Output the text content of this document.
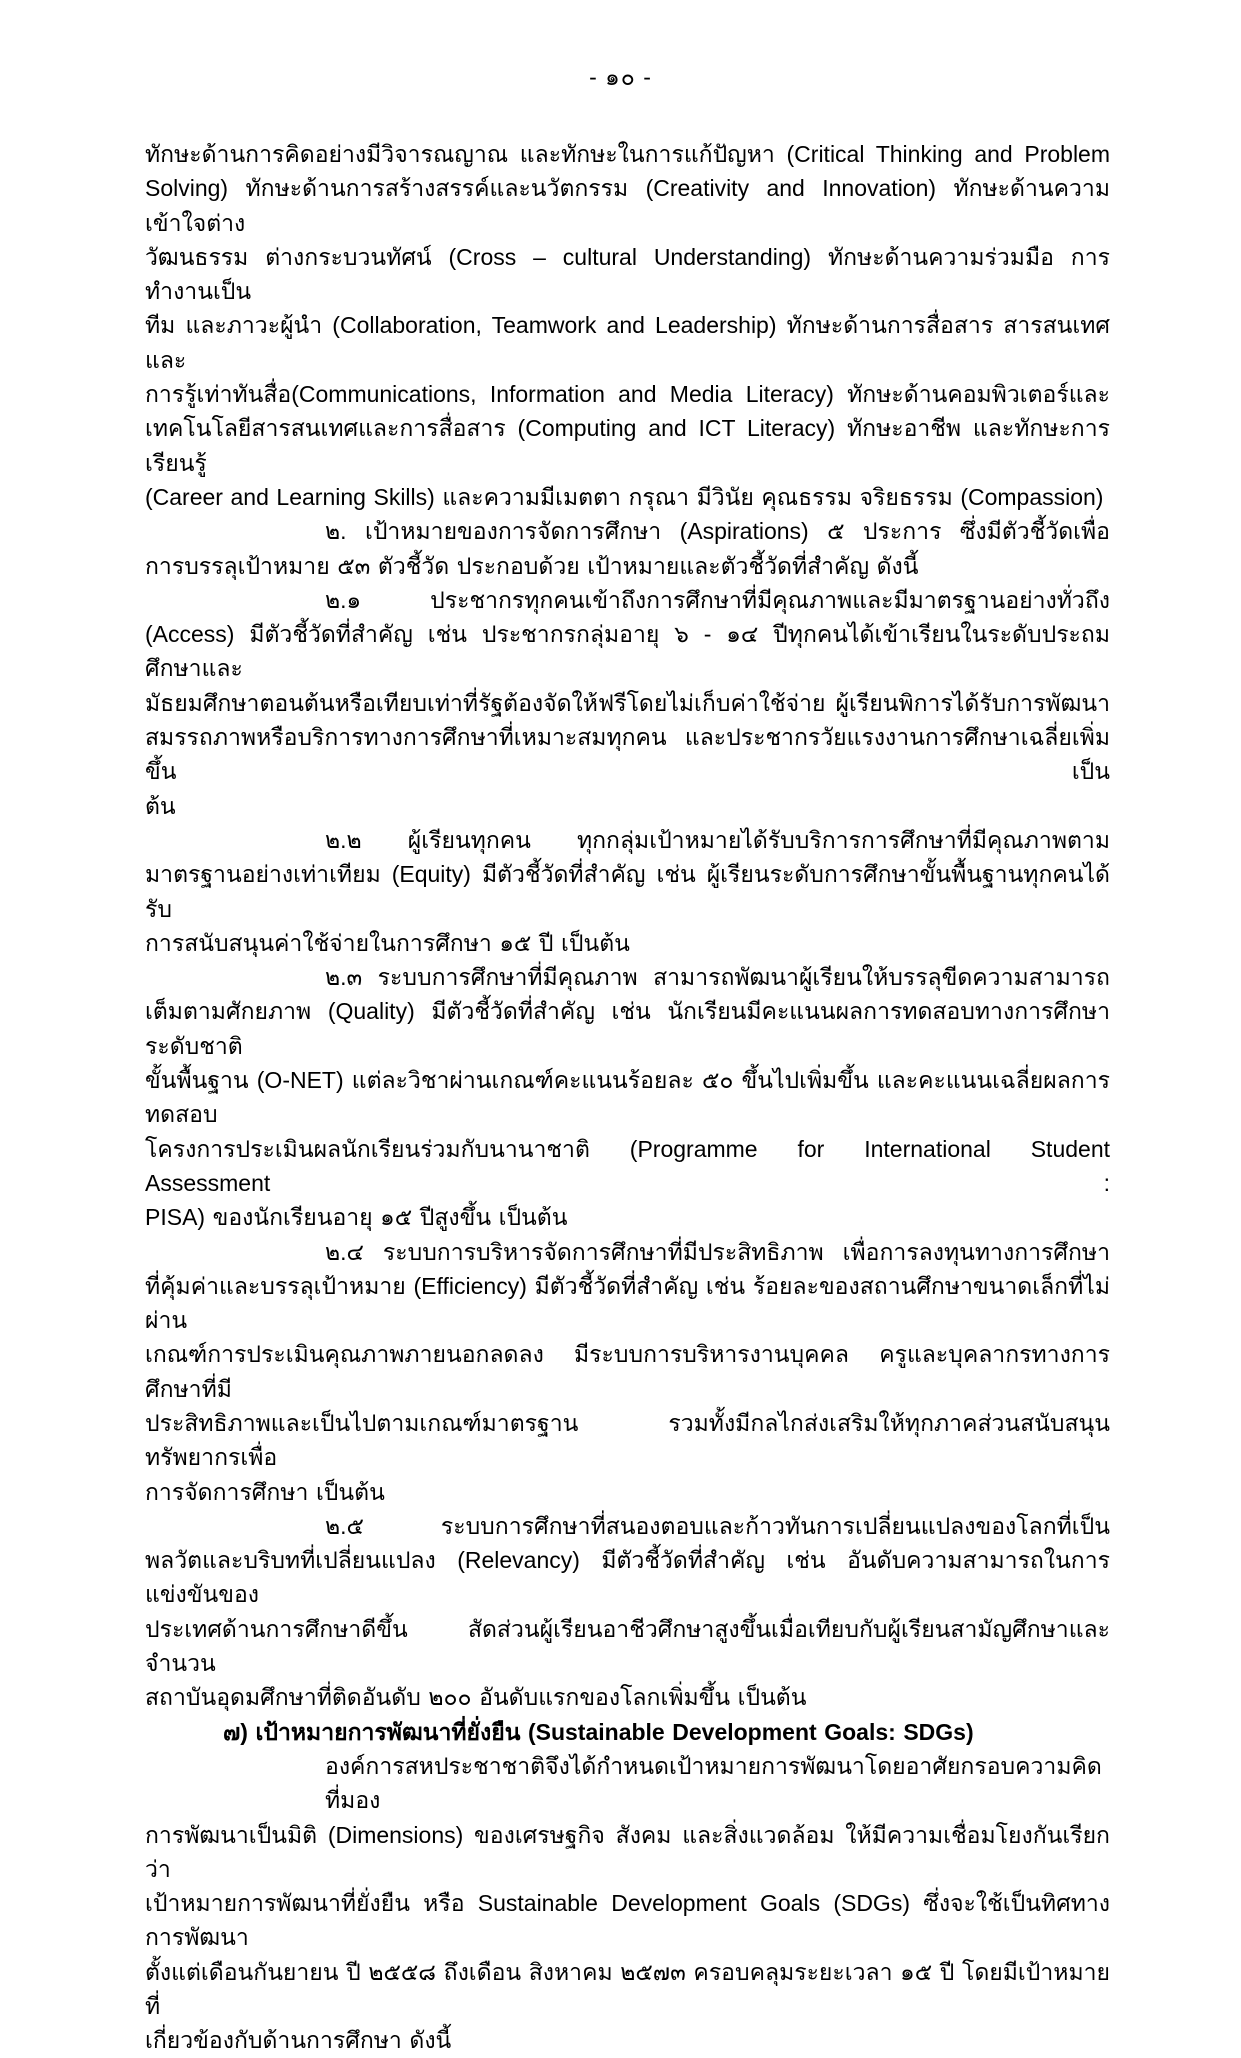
- ๑๐ -
ทักษะด้านการคิดอย่างมีวิจารณญาณ และทักษะในการแก้ปัญหา (Critical Thinking and Problem
Solving) ทักษะด้านการสร้างสรรค์และนวัตกรรม (Creativity and Innovation) ทักษะด้านความเข้าใจต่าง
วัฒนธรรม ต่างกระบวนทัศน์ (Cross – cultural Understanding) ทักษะด้านความร่วมมือ การทำงานเป็น
ทีม และภาวะผู้นำ (Collaboration, Teamwork and Leadership) ทักษะด้านการสื่อสาร สารสนเทศ และ
การรู้เท่าทันสื่อ(Communications, Information and Media Literacy) ทักษะด้านคอมพิวเตอร์และ
เทคโนโลยีสารสนเทศและการสื่อสาร (Computing and ICT Literacy) ทักษะอาชีพ และทักษะการเรียนรู้
(Career and Learning Skills) และความมีเมตตา กรุณา มีวินัย คุณธรรม จริยธรรม (Compassion)
๒. เป้าหมายของการจัดการศึกษา (Aspirations) ๕ ประการ ซึ่งมีตัวชี้วัดเพื่อ
การบรรลุเป้าหมาย ๕๓ ตัวชี้วัด ประกอบด้วย เป้าหมายและตัวชี้วัดที่สำคัญ ดังนี้
๒.๑ ประชากรทุกคนเข้าถึงการศึกษาที่มีคุณภาพและมีมาตรฐานอย่างทั่วถึง
(Access) มีตัวชี้วัดที่สำคัญ เช่น ประชากรกลุ่มอายุ ๖ - ๑๔ ปีทุกคนได้เข้าเรียนในระดับประถมศึกษาและ
มัธยมศึกษาตอนต้นหรือเทียบเท่าที่รัฐต้องจัดให้ฟรีโดยไม่เก็บค่าใช้จ่าย ผู้เรียนพิการได้รับการพัฒนา
สมรรถภาพหรือบริการทางการศึกษาที่เหมาะสมทุกคน และประชากรวัยแรงงานการศึกษาเฉลี่ยเพิ่มขึ้น เป็น
ต้น
๒.๒ ผู้เรียนทุกคน ทุกกลุ่มเป้าหมายได้รับบริการการศึกษาที่มีคุณภาพตาม
มาตรฐานอย่างเท่าเทียม (Equity) มีตัวชี้วัดที่สำคัญ เช่น ผู้เรียนระดับการศึกษาขั้นพื้นฐานทุกคนได้รับ
การสนับสนุนค่าใช้จ่ายในการศึกษา ๑๕ ปี เป็นต้น
๒.๓ ระบบการศึกษาที่มีคุณภาพ สามารถพัฒนาผู้เรียนให้บรรลุขีดความสามารถ
เต็มตามศักยภาพ (Quality) มีตัวชี้วัดที่สำคัญ เช่น นักเรียนมีคะแนนผลการทดสอบทางการศึกษาระดับชาติ
ขั้นพื้นฐาน (O-NET) แต่ละวิชาผ่านเกณฑ์คะแนนร้อยละ ๕๐ ขึ้นไปเพิ่มขึ้น และคะแนนเฉลี่ยผลการทดสอบ
โครงการประเมินผลนักเรียนร่วมกับนานาชาติ (Programme for International Student Assessment :
PISA) ของนักเรียนอายุ ๑๕ ปีสูงขึ้น เป็นต้น
๒.๔ ระบบการบริหารจัดการศึกษาที่มีประสิทธิภาพ เพื่อการลงทุนทางการศึกษา
ที่คุ้มค่าและบรรลุเป้าหมาย (Efficiency) มีตัวชี้วัดที่สำคัญ เช่น ร้อยละของสถานศึกษาขนาดเล็กที่ไม่ผ่าน
เกณฑ์การประเมินคุณภาพภายนอกลดลง มีระบบการบริหารงานบุคคล ครูและบุคลากรทางการศึกษาที่มี
ประสิทธิภาพและเป็นไปตามเกณฑ์มาตรฐาน รวมทั้งมีกลไกส่งเสริมให้ทุกภาคส่วนสนับสนุนทรัพยากรเพื่อ
การจัดการศึกษา เป็นต้น
๒.๕ ระบบการศึกษาที่สนองตอบและก้าวทันการเปลี่ยนแปลงของโลกที่เป็น
พลวัตและบริบทที่เปลี่ยนแปลง (Relevancy) มีตัวชี้วัดที่สำคัญ เช่น อันดับความสามารถในการแข่งขันของ
ประเทศด้านการศึกษาดีขึ้น สัดส่วนผู้เรียนอาชีวศึกษาสูงขึ้นเมื่อเทียบกับผู้เรียนสามัญศึกษาและจำนวน
สถาบันอุดมศึกษาที่ติดอันดับ ๒๐๐ อันดับแรกของโลกเพิ่มขึ้น เป็นต้น
๗) เป้าหมายการพัฒนาที่ยั่งยืน (Sustainable Development Goals: SDGs)
องค์การสหประชาชาติจึงได้กำหนดเป้าหมายการพัฒนาโดยอาศัยกรอบความคิดที่มอง
การพัฒนาเป็นมิติ (Dimensions) ของเศรษฐกิจ สังคม และสิ่งแวดล้อม ให้มีความเชื่อมโยงกันเรียกว่า
เป้าหมายการพัฒนาที่ยั่งยืน หรือ Sustainable Development Goals (SDGs) ซึ่งจะใช้เป็นทิศทางการพัฒนา
ตั้งแต่เดือนกันยายน ปี ๒๕๕๘ ถึงเดือน สิงหาคม ๒๕๗๓ ครอบคลุมระยะเวลา ๑๕ ปี โดยมีเป้าหมายที่
เกี่ยวข้องกับด้านการศึกษา ดังนี้
